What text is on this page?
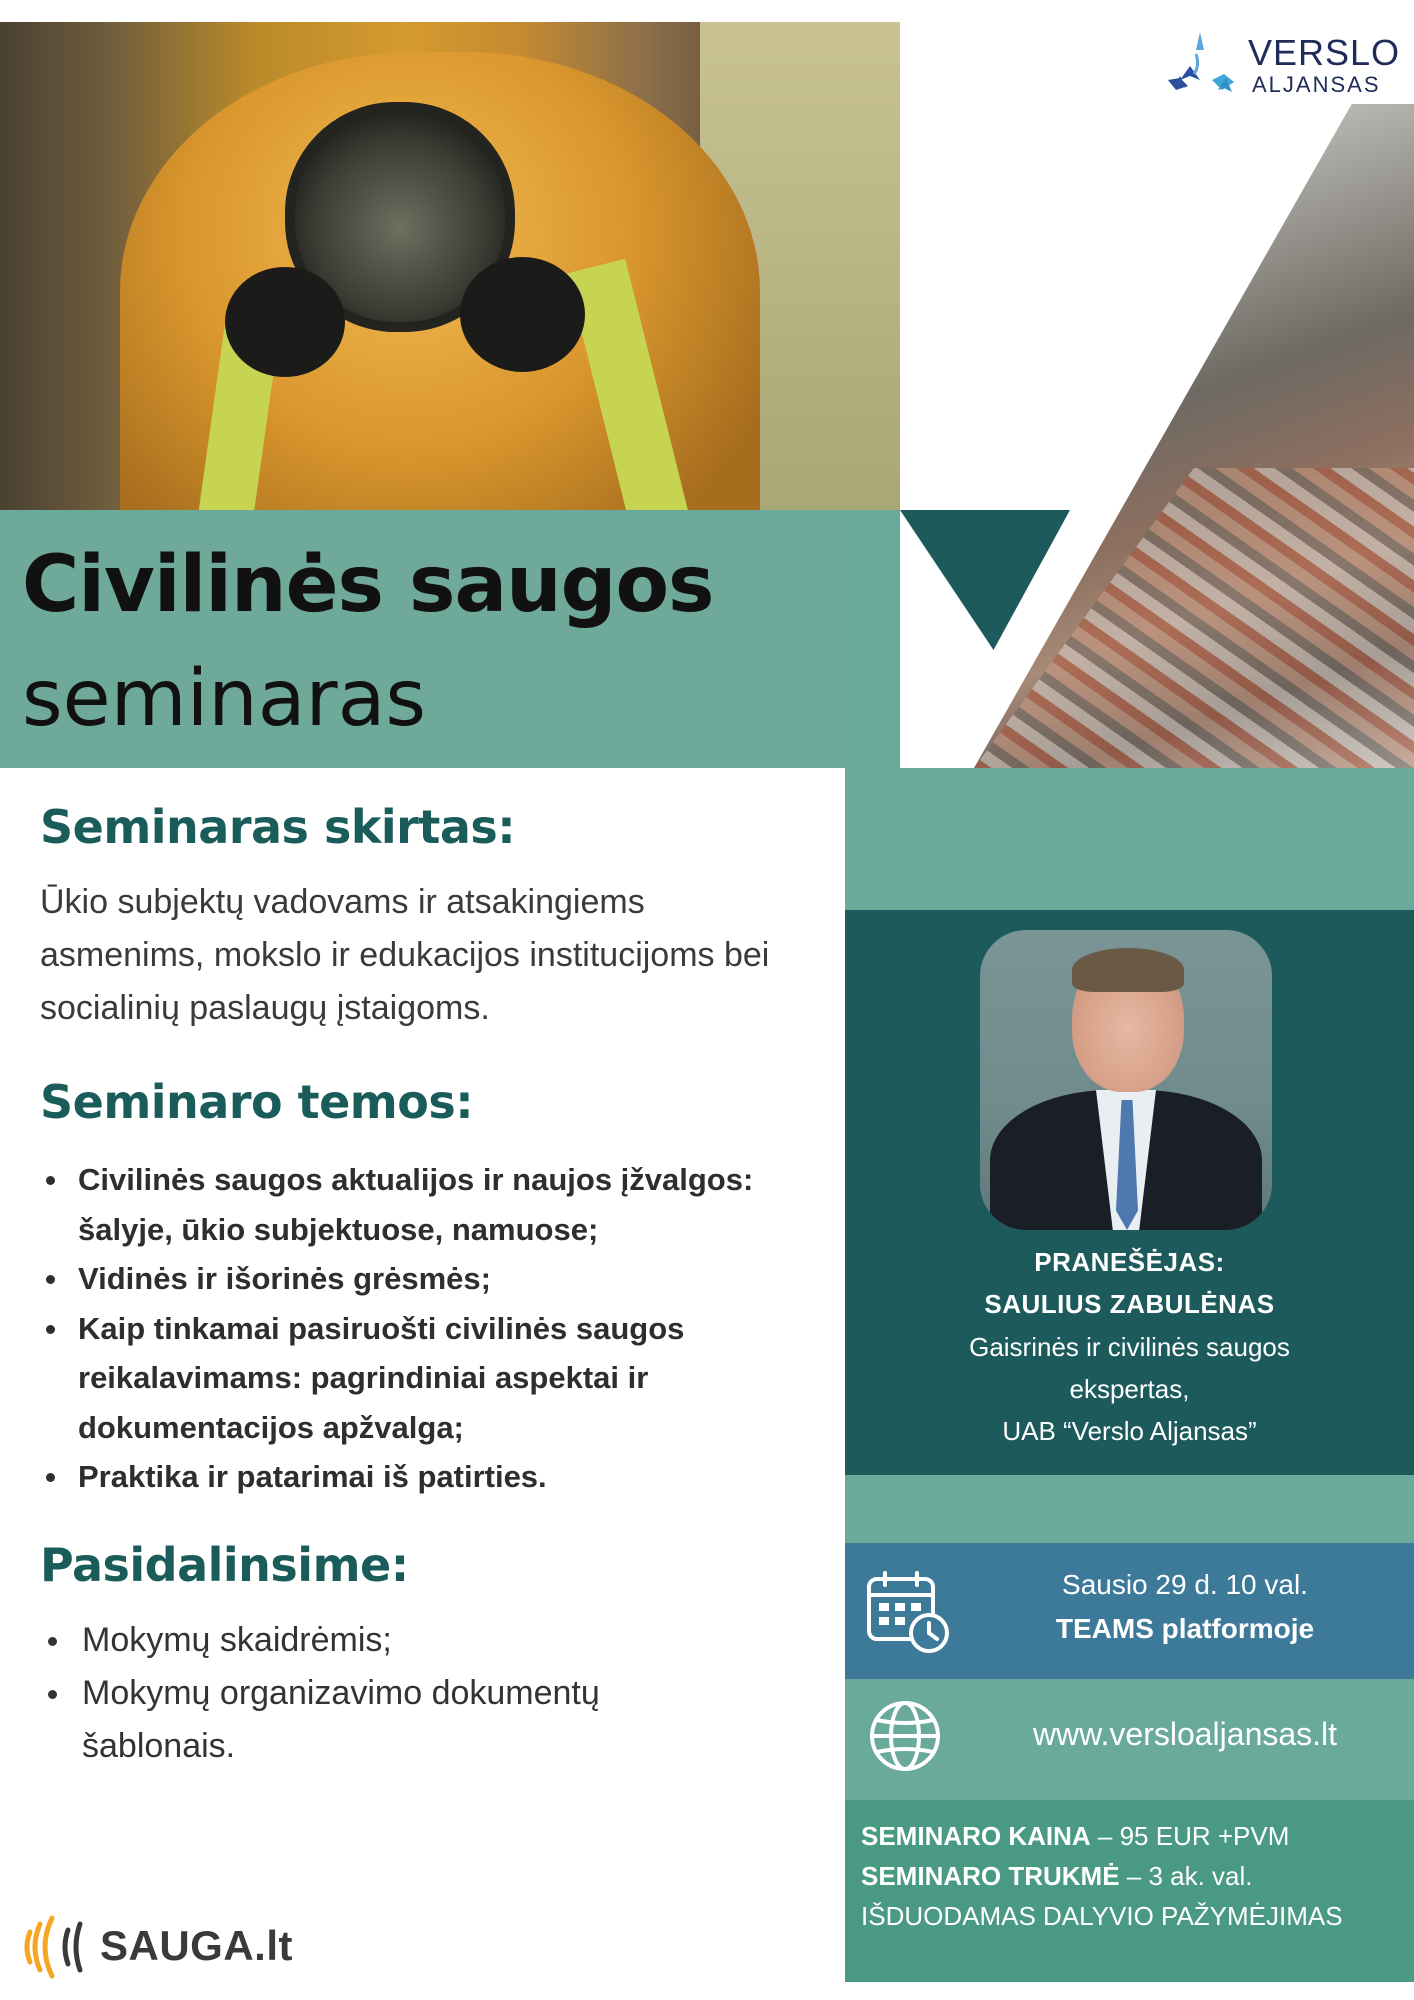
VERSLO
ALJANSAS
Civilinės saugos
seminaras
PRANEŠĖJAS:
SAULIUS ZABULĖNAS
Gaisrinės ir civilinės saugos
ekspertas,
UAB “Verslo Aljansas”
Sausio 29 d. 10 val.
TEAMS platformoje
www.versloaljansas.lt
SEMINARO KAINA – 95 EUR +PVM
SEMINARO TRUKMĖ – 3 ak. val.
IŠDUODAMAS DALYVIO PAŽYMĖJIMAS
Seminaras skirtas:
Ūkio subjektų vadovams ir atsakingiems asmenims, mokslo ir edukacijos institucijoms bei socialinių paslaugų įstaigoms.
Seminaro temos:
Civilinės saugos aktualijos ir naujos įžvalgos: šalyje, ūkio subjektuose, namuose;
Vidinės ir išorinės grėsmės;
Kaip tinkamai pasiruošti civilinės saugos reikalavimams: pagrindiniai aspektai ir dokumentacijos apžvalga;
Praktika ir patarimai iš patirties.
Pasidalinsime:
Mokymų skaidrėmis;
Mokymų organizavimo dokumentų šablonais.
SAUGA.lt
